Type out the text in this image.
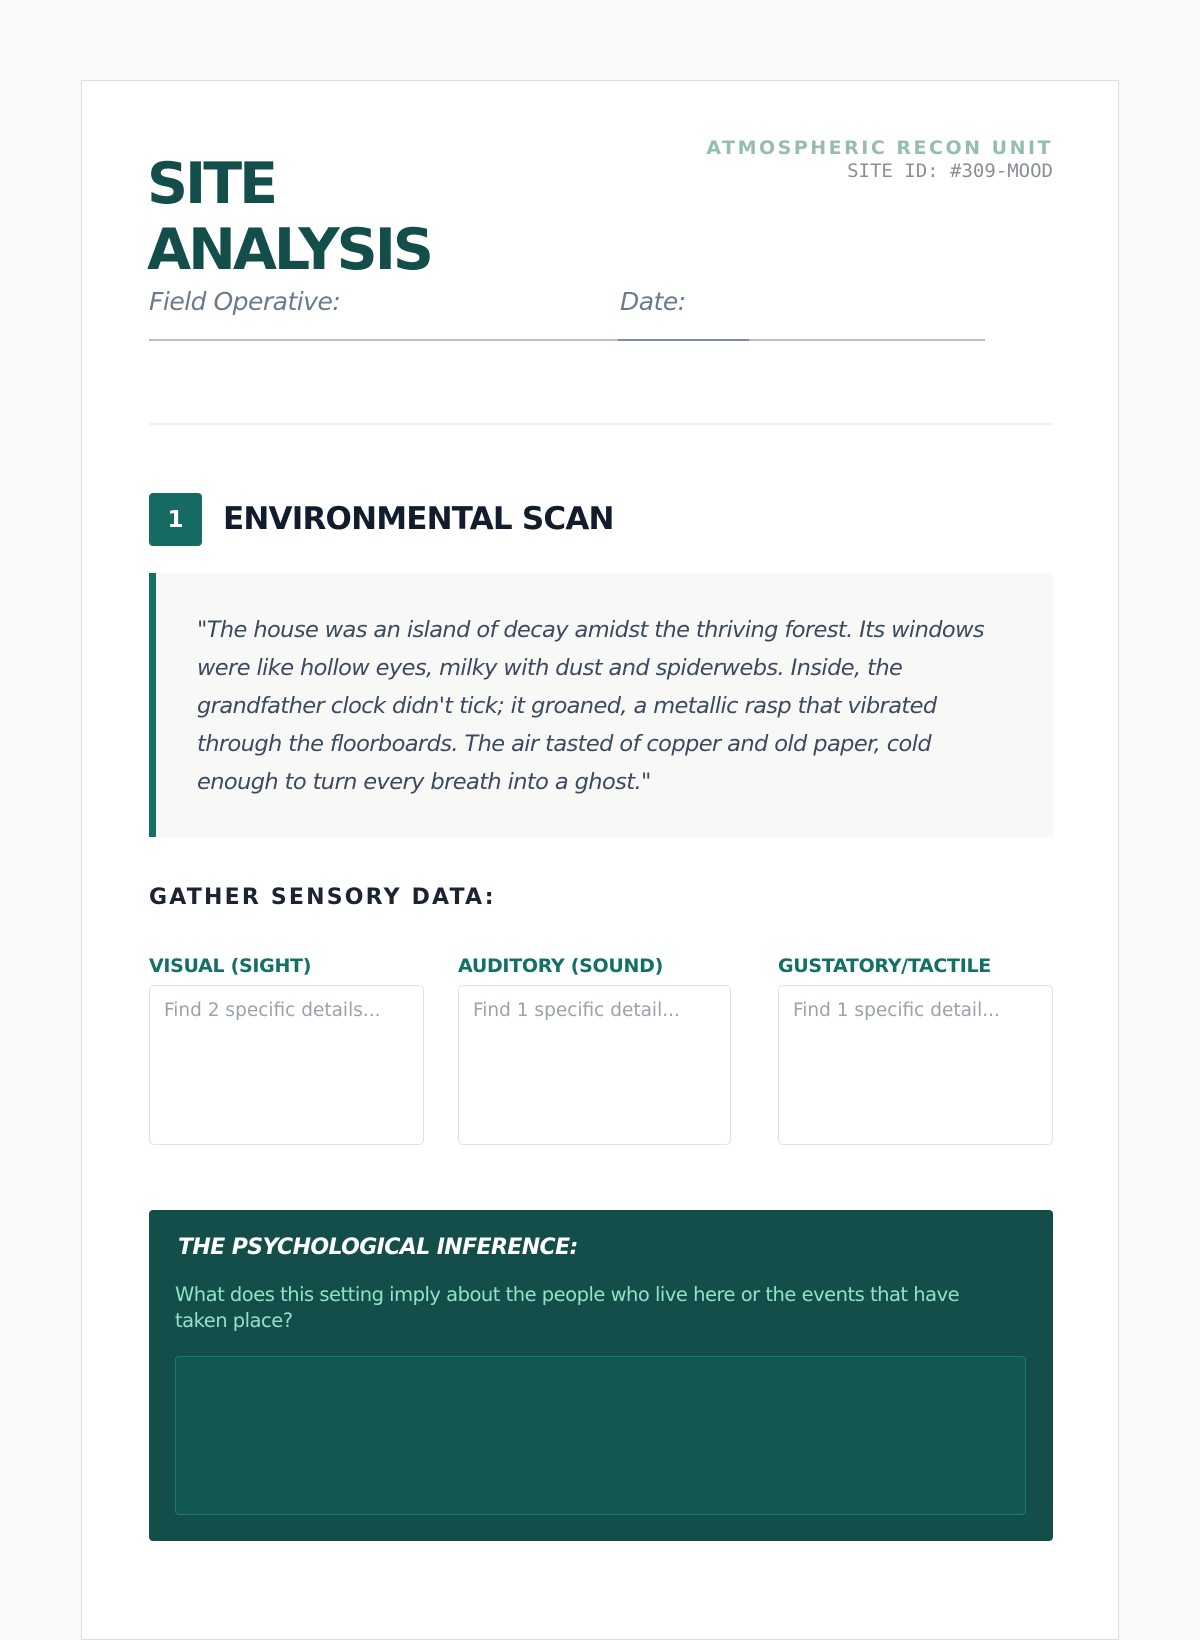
ATMOSPHERIC RECON UNIT
SITE ID: #309-MOOD
SITE
ANALYSIS
Field Operative:	Date:
1	ENVIRONMENTAL SCAN

"The house was an island of decay amidst the thriving forest. Its windows were like hollow eyes, milky with dust and spiderwebs. Inside, the grandfather clock didn't tick; it groaned, a metallic rasp that vibrated through the floorboards. The air tasted of copper and old paper, cold enough to turn every breath into a ghost."

GATHER SENSORY DATA:
VISUAL (SIGHT)
Find 2 specific details...	AUDITORY (SOUND)
Find 1 specific detail...	GUSTATORY/TACTILE
Find 1 specific detail...
THE PSYCHOLOGICAL INFERENCE:
What does this setting imply about the people who live here or the events that have taken place?
